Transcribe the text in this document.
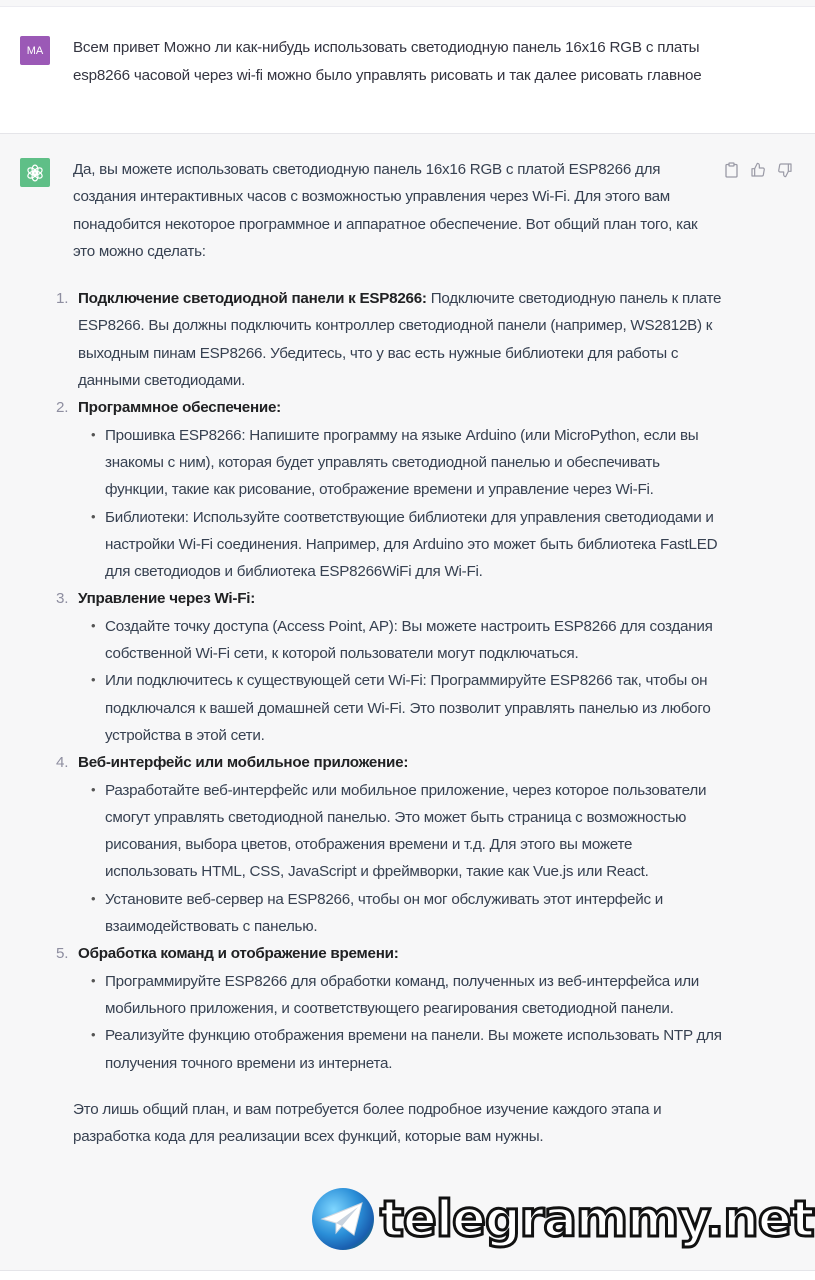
MA	Всем привет Можно ли как-нибудь использовать светодиодную панель 16x16 RGB с платы esp8266 часовой через wi-fi можно было управлять рисовать и так далее рисовать главное

Да, вы можете использовать светодиодную панель 16x16 RGB с платой ESP8266 для создания интерактивных часов с возможностью управления через Wi-Fi. Для этого вам понадобится некоторое программное и аппаратное обеспечение. Вот общий план того, как это можно сделать:

1. Подключение светодиодной панели к ESP8266: Подключите светодиодную панель к плате ESP8266. Вы должны подключить контроллер светодиодной панели (например, WS2812B) к выходным пинам ESP8266. Убедитесь, что у вас есть нужные библиотеки для работы с данными светодиодами.
2. Программное обеспечение:
• Прошивка ESP8266: Напишите программу на языке Arduino (или MicroPython, если вы знакомы с ним), которая будет управлять светодиодной панелью и обеспечивать функции, такие как рисование, отображение времени и управление через Wi-Fi.
• Библиотеки: Используйте соответствующие библиотеки для управления светодиодами и настройки Wi-Fi соединения. Например, для Arduino это может быть библиотека FastLED для светодиодов и библиотека ESP8266WiFi для Wi-Fi.
3. Управление через Wi-Fi:
• Создайте точку доступа (Access Point, AP): Вы можете настроить ESP8266 для создания собственной Wi-Fi сети, к которой пользователи могут подключаться.
• Или подключитесь к существующей сети Wi-Fi: Программируйте ESP8266 так, чтобы он подключался к вашей домашней сети Wi-Fi. Это позволит управлять панелью из любого устройства в этой сети.
4. Веб-интерфейс или мобильное приложение:
• Разработайте веб-интерфейс или мобильное приложение, через которое пользователи смогут управлять светодиодной панелью. Это может быть страница с возможностью рисования, выбора цветов, отображения времени и т.д. Для этого вы можете использовать HTML, CSS, JavaScript и фреймворки, такие как Vue.js или React.
• Установите веб-сервер на ESP8266, чтобы он мог обслуживать этот интерфейс и взаимодействовать с панелью.
5. Обработка команд и отображение времени:
• Программируйте ESP8266 для обработки команд, полученных из веб-интерфейса или мобильного приложения, и соответствующего реагирования светодиодной панели.
• Реализуйте функцию отображения времени на панели. Вы можете использовать NTP для получения точного времени из интернета.

Это лишь общий план, и вам потребуется более подробное изучение каждого этапа и разработка кода для реализации всех функций, которые вам нужны.

telegrammy.net
